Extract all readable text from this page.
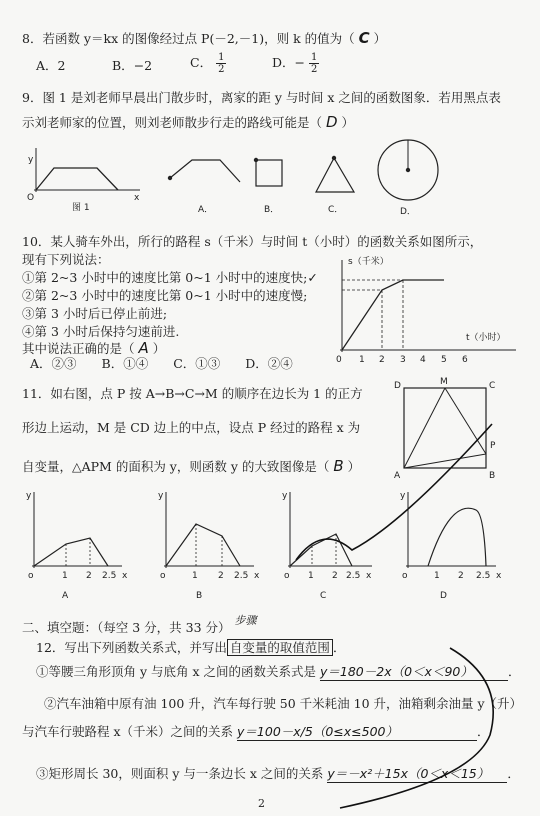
8．若函数 y＝kx 的图像经过点 P(－2,－1)，则 k 的值为（ C ）
A．2	B．−2	C． $\frac{1}{2}$	D．− $\frac{1}{2}$
9．图 1 是刘老师早晨出门散步时，离家的距 y 与时间 x 之间的函数图象．若用黑点表
示刘老师家的位置，则刘老师散步行走的路线可能是（ D ）
y
x
O
图 1	A．	B．	C．	D．
10．某人骑车外出，所行的路程 s（千米）与时间 t（小时）的函数关系如图所示，
现有下列说法：
①第 2~3 小时中的速度比第 0~1 小时中的速度快;✓
②第 2~3 小时中的速度比第 0~1 小时中的速度慢;
③第 3 小时后已停止前进;
④第 3 小时后保持匀速前进.
其中说法正确的是（ A ）
A．②③　　B．①④　　C．①③　　D．②④
s（千米）
t（小时）
0 1 2 3 4 5 6
11．如右图，点 P 按 A→B→C→M 的顺序在边长为 1 的正方
形边上运动，M 是 CD 边上的中点，设点 P 经过的路程 x 为
自变量，△APM 的面积为 y，则函数 y 的大致图像是（ B ）
D	M	C
A	B
P
y
o	1 2 2.5 x
A
y
o	1 2 2.5 x
B
y
o 1 2 2.5 x
C
y
o	1 2 2.5 x
D
二、填空题：（每空 3 分，共 33 分） 步骤
12．写出下列函数关系式，并写出 自变量的取值范围 ．
①等腰三角形顶角 y 与底角 x 之间的函数关系式是 y＝180－2x（0＜x＜90）	．
②汽车油箱中原有油 100 升，汽车每行驶 50 千米耗油 10 升，油箱剩余油量 y（升）
与汽车行驶路程 x（千米）之间的关系 y＝100－x/5（0≤x≤500）	．
③矩形周长 30，则面积 y 与一条边长 x 之间的关系 y＝－x²＋15x（0＜x＜15） ．
2
